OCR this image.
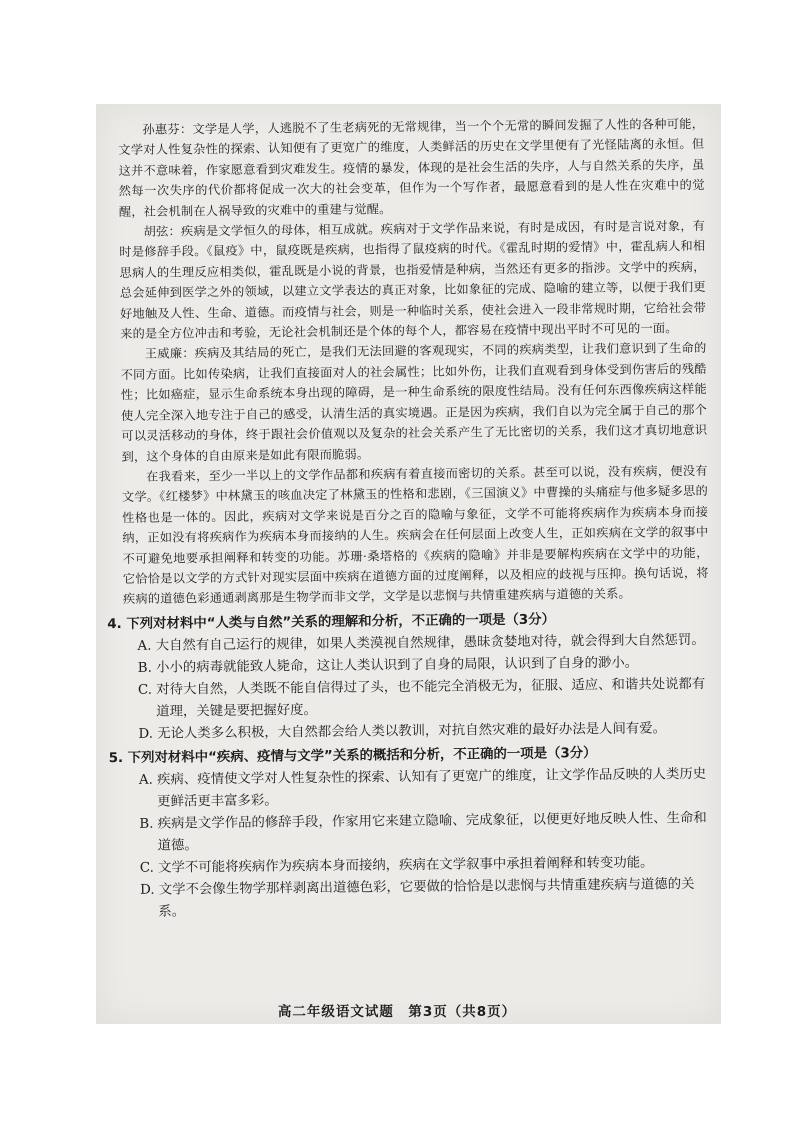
孙惠芬：文学是人学，人逃脱不了生老病死的无常规律，当一个个无常的瞬间发掘了人性的各种可能，文学对人性复杂性的探索、认知便有了更宽广的维度，人类鲜活的历史在文学里便有了光怪陆离的永恒。但这并不意味着，作家愿意看到灾难发生。疫情的暴发，体现的是社会生活的失序，人与自然关系的失序，虽然每一次失序的代价都将促成一次大的社会变革，但作为一个写作者，最愿意看到的是人性在灾难中的觉醒，社会机制在人祸导致的灾难中的重建与觉醒。

胡弦：疾病是文学恒久的母体，相互成就。疾病对于文学作品来说，有时是成因，有时是言说对象，有时是修辞手段。《鼠疫》中，鼠疫既是疾病，也指得了鼠疫病的时代。《霍乱时期的爱情》中，霍乱病人和相思病人的生理反应相类似，霍乱既是小说的背景，也指爱情是种病，当然还有更多的指涉。文学中的疾病，总会延伸到医学之外的领域，以建立文学表达的真正对象，比如象征的完成、隐喻的建立等，以便于我们更好地触及人性、生命、道德。而疫情与社会，则是一种临时关系，使社会进入一段非常规时期，它给社会带来的是全方位冲击和考验，无论社会机制还是个体的每个人，都容易在疫情中现出平时不可见的一面。

王威廉：疾病及其结局的死亡，是我们无法回避的客观现实，不同的疾病类型，让我们意识到了生命的不同方面。比如传染病，让我们直接面对人的社会属性；比如外伤，让我们直观看到身体受到伤害后的残酷性；比如癌症，显示生命系统本身出现的障碍，是一种生命系统的限度性结局。没有任何东西像疾病这样能使人完全深入地专注于自己的感受，认清生活的真实境遇。正是因为疾病，我们自以为完全属于自己的那个可以灵活移动的身体，终于跟社会价值观以及复杂的社会关系产生了无比密切的关系，我们这才真切地意识到，这个身体的自由原来是如此有限而脆弱。

在我看来，至少一半以上的文学作品都和疾病有着直接而密切的关系。甚至可以说，没有疾病，便没有文学。《红楼梦》中林黛玉的咳血决定了林黛玉的性格和悲剧，《三国演义》中曹操的头痛症与他多疑多思的性格也是一体的。因此，疾病对文学来说是百分之百的隐喻与象征，文学不可能将疾病作为疾病本身而接纳，正如没有将疾病作为疾病本身而接纳的人生。疾病会在任何层面上改变人生，正如疾病在文学的叙事中不可避免地要承担阐释和转变的功能。苏珊·桑塔格的《疾病的隐喻》并非是要解构疾病在文学中的功能，它恰恰是以文学的方式针对现实层面中疾病在道德方面的过度阐释，以及相应的歧视与压抑。换句话说，将疾病的道德色彩通通剥离那是生物学而非文学，文学是以悲悯与共情重建疾病与道德的关系。

4. 下列对材料中“人类与自然”关系的理解和分析，不正确的一项是（3分）

A. 大自然有自己运行的规律，如果人类漠视自然规律，愚昧贪婪地对待，就会得到大自然惩罚。

B. 小小的病毒就能致人毙命，这让人类认识到了自身的局限，认识到了自身的渺小。

C. 对待大自然，人类既不能自信得过了头，也不能完全消极无为，征服、适应、和谐共处说都有道理，关键是要把握好度。

D. 无论人类多么积极，大自然都会给人类以教训，对抗自然灾难的最好办法是人间有爱。

5. 下列对材料中“疾病、疫情与文学”关系的概括和分析，不正确的一项是（3分）

A. 疾病、疫情使文学对人性复杂性的探索、认知有了更宽广的维度，让文学作品反映的人类历史更鲜活更丰富多彩。

B. 疾病是文学作品的修辞手段，作家用它来建立隐喻、完成象征，以便更好地反映人性、生命和道德。

C. 文学不可能将疾病作为疾病本身而接纳，疾病在文学叙事中承担着阐释和转变功能。

D. 文学不会像生物学那样剥离出道德色彩，它要做的恰恰是以悲悯与共情重建疾病与道德的关系。

高二年级语文试题　第3页（共8页）
